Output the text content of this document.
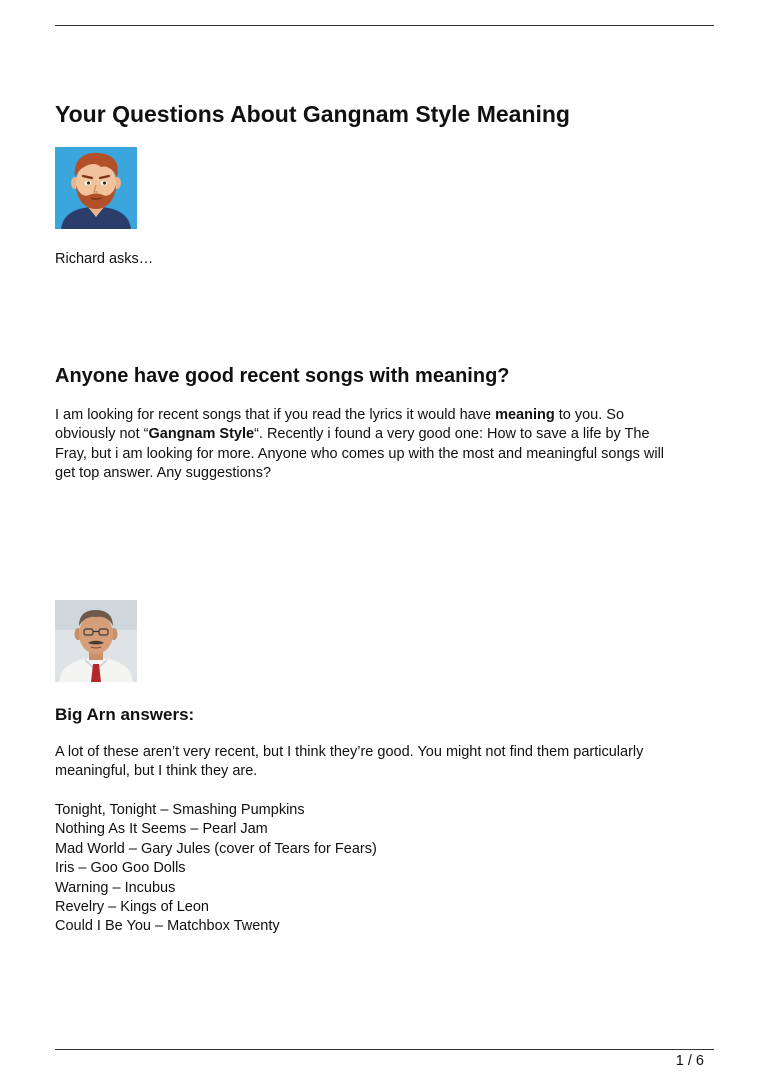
Your Questions About Gangnam Style Meaning

Richard asks…

Anyone have good recent songs with meaning?

I am looking for recent songs that if you read the lyrics it would have meaning to you. So
obviously not “Gangnam Style“. Recently i found a very good one: How to save a life by The
Fray, but i am looking for more. Anyone who comes up with the most and meaningful songs will
get top answer. Any suggestions?

Big Arn answers:

A lot of these aren’t very recent, but I think they’re good. You might not find them particularly
meaningful, but I think they are.

Tonight, Tonight – Smashing Pumpkins
Nothing As It Seems – Pearl Jam
Mad World – Gary Jules (cover of Tears for Fears)
Iris – Goo Goo Dolls
Warning – Incubus
Revelry – Kings of Leon
Could I Be You – Matchbox Twenty
1 / 6
